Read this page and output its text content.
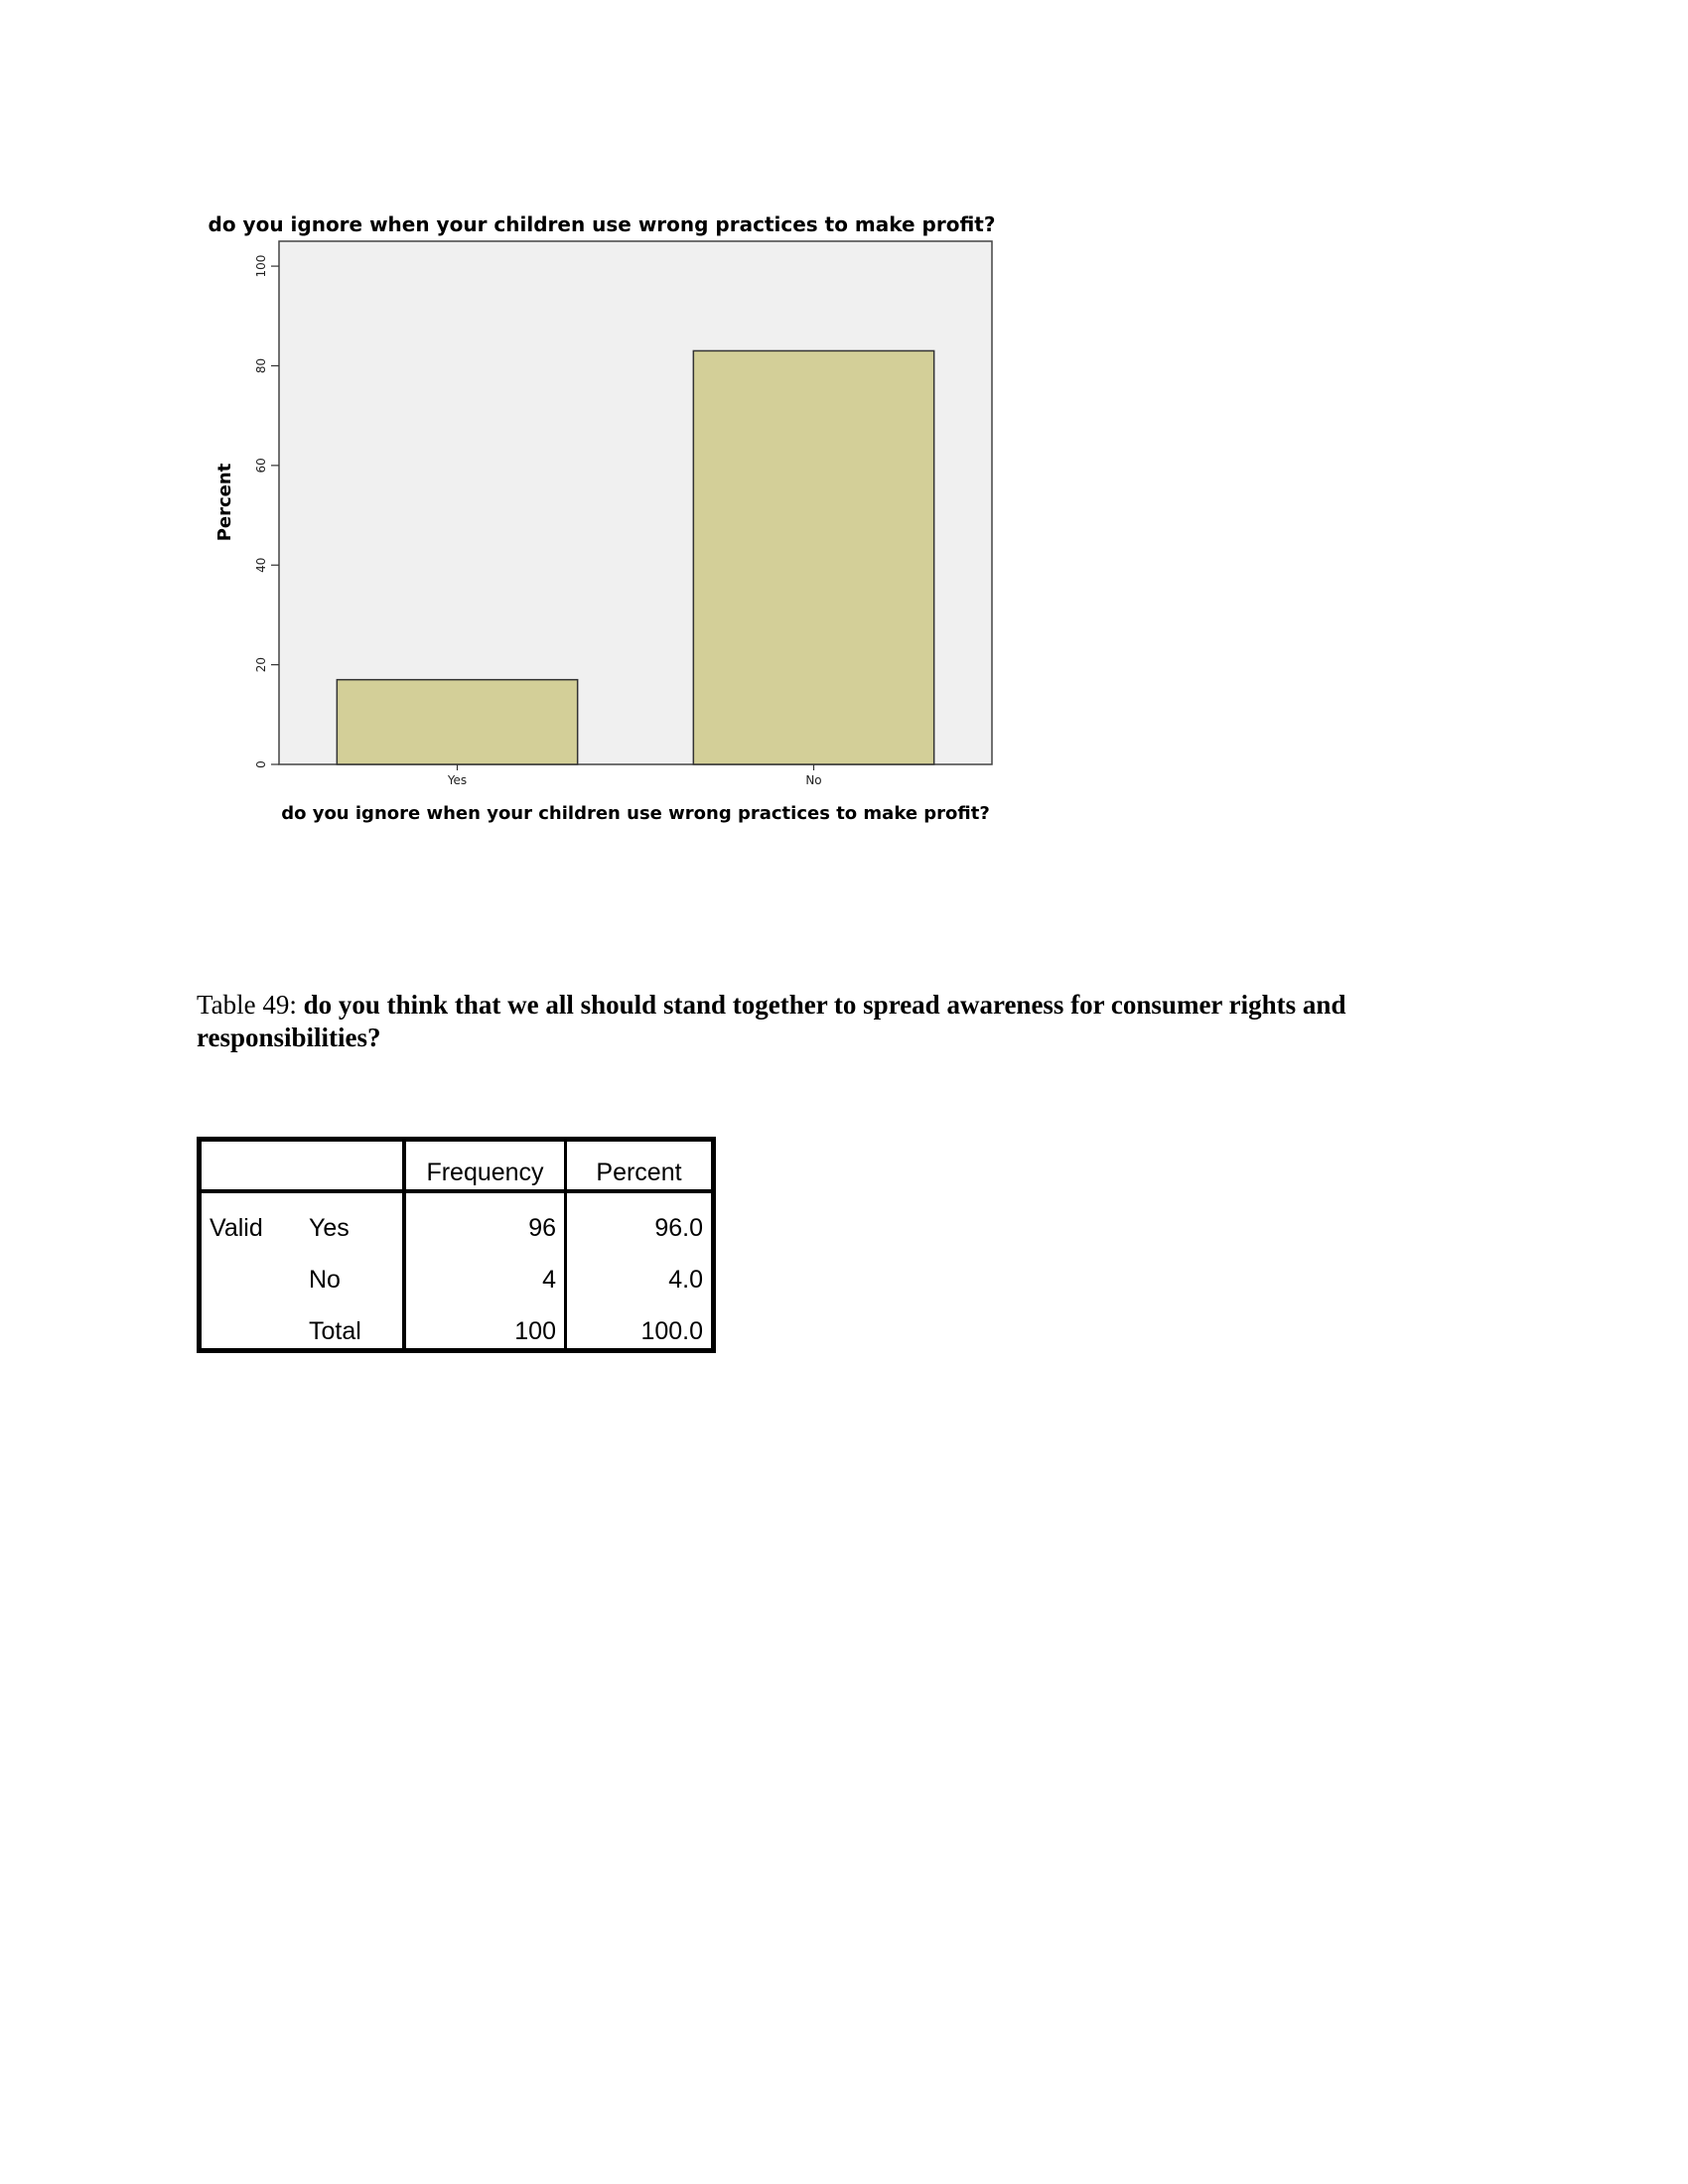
do you ignore when your children use wrong practices to make profit?
0
20
40
60
80
100
Yes	No
Percent
do you ignore when your children use wrong practices to make profit?
Table 49: do you think that we all should stand together to spread awareness for consumer rights and responsibilities?
		Frequency	Percent
Valid	Yes	96	96.0
	No	4	4.0
	Total	100	100.0
